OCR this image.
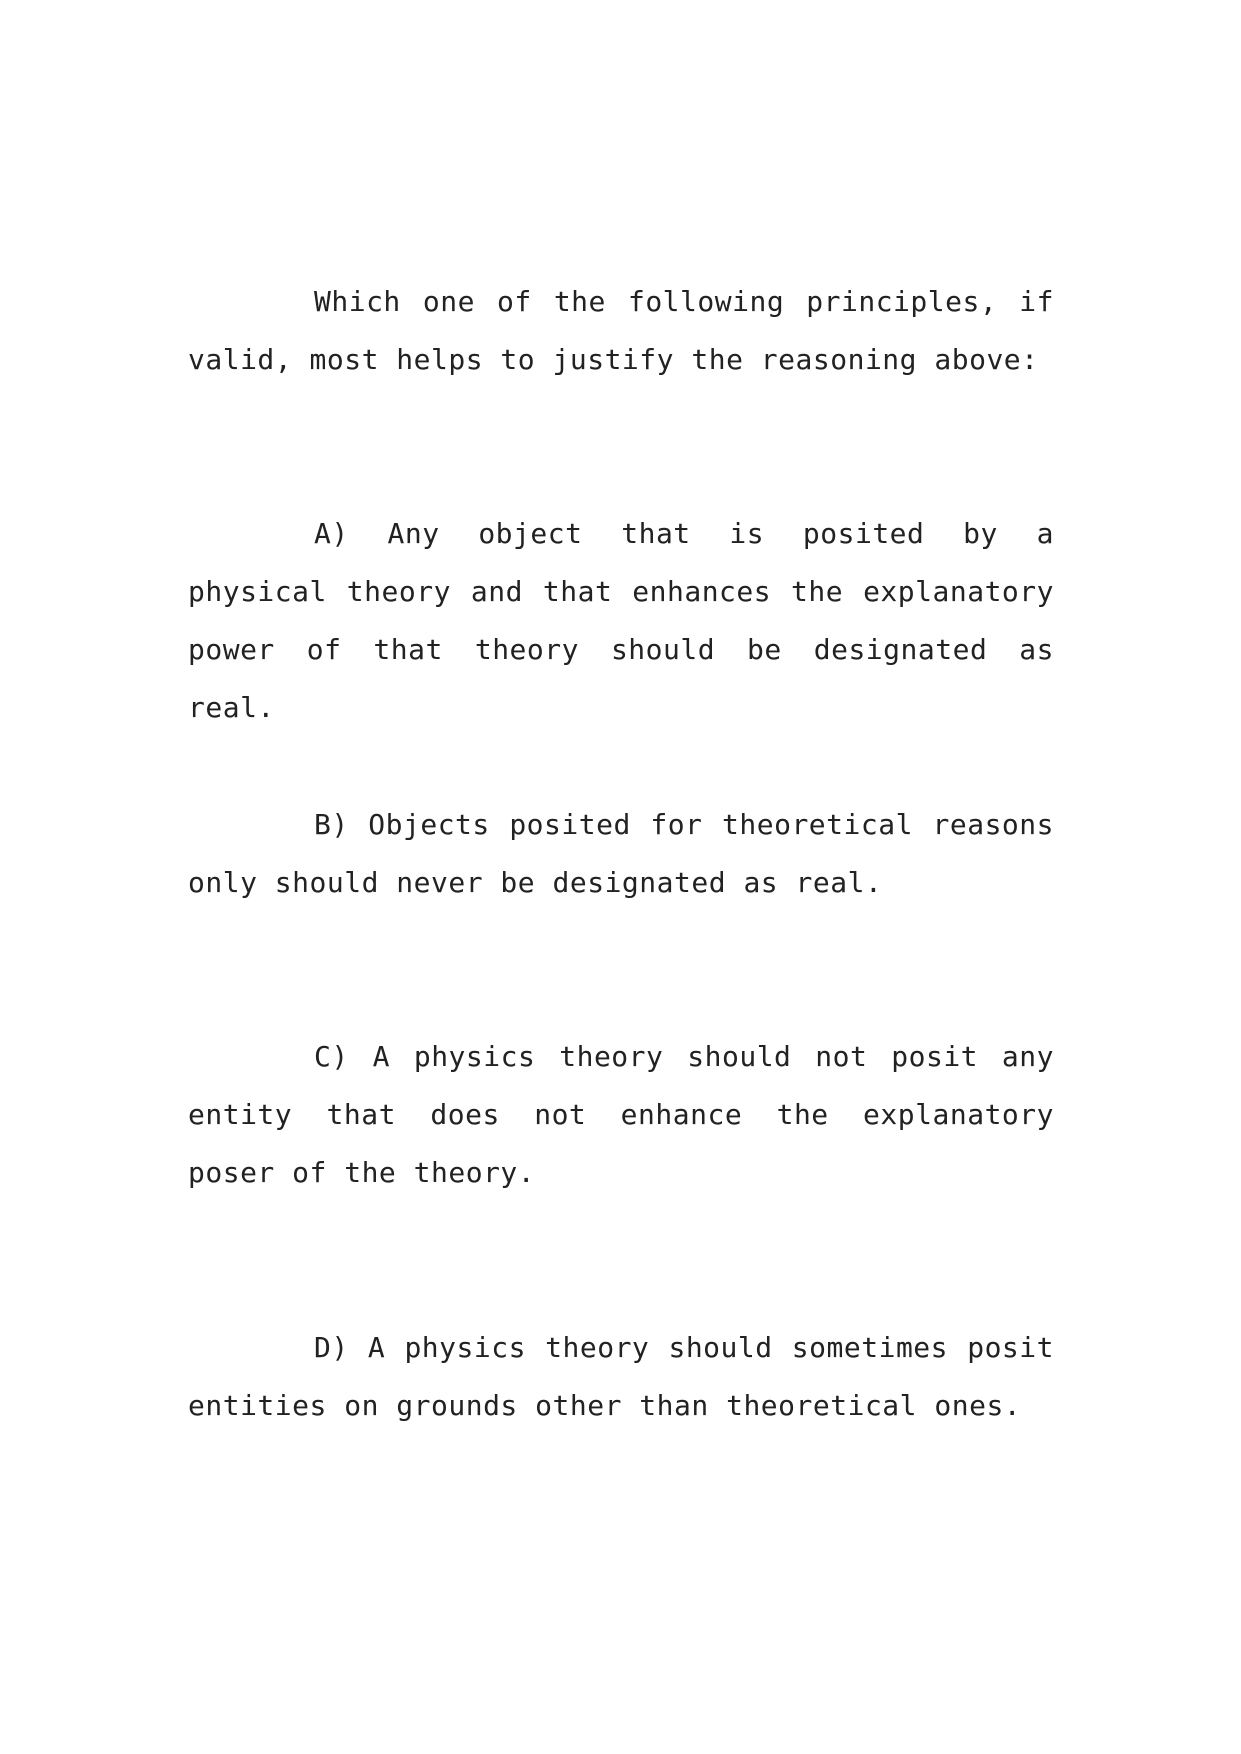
Which one of the following principles, if valid, most helps to justify the reasoning above:

A) Any object that is posited by a physical theory and that enhances the explanatory power of that theory should be designated as real.

B) Objects posited for theoretical reasons only should never be designated as real.

C) A physics theory should not posit any entity that does not enhance the explanatory poser of the theory.

D) A physics theory should sometimes posit entities on grounds other than theoretical ones.
